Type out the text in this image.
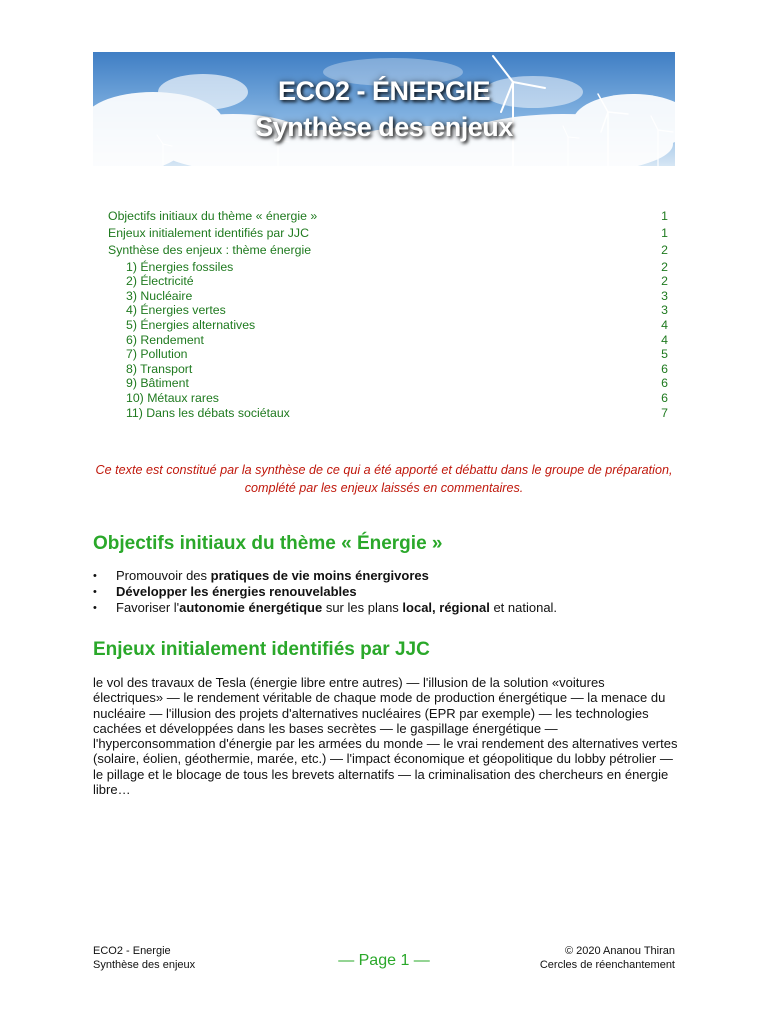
ECO2 - ÉNERGIE
Synthèse des enjeux
Objectifs initiaux du thème « énergie »	1
Enjeux initialement identifiés par JJC	1
Synthèse des enjeux : thème énergie	2
1) Énergies fossiles	2
2) Électricité	2
3) Nucléaire	3
4) Énergies vertes	3
5) Énergies alternatives	4
6) Rendement	4
7) Pollution	5
8) Transport	6
9) Bâtiment	6
10) Métaux rares	6
11) Dans les débats sociétaux	7
Ce texte est constitué par la synthèse de ce qui a été apporté et débattu dans le groupe de préparation, complété par les enjeux laissés en commentaires.
Objectifs initiaux du thème « Énergie »
• Promouvoir des pratiques de vie moins énergivores
• Développer les énergies renouvelables
• Favoriser l'autonomie énergétique sur les plans local, régional et national.
Enjeux initialement identifiés par JJC
le vol des travaux de Tesla (énergie libre entre autres) — l'illusion de la solution «voitures électriques» — le rendement véritable de chaque mode de production énergétique — la menace du nucléaire — l'illusion des projets d'alternatives nucléaires (EPR par exemple) — les technologies cachées et développées dans les bases secrètes — le gaspillage énergétique — l'hyperconsommation d'énergie par les armées du monde — le vrai rendement des alternatives vertes (solaire, éolien, géothermie, marée, etc.) — l'impact économique et géopolitique du lobby pétrolier — le pillage et le blocage de tous les brevets alternatifs — la criminalisation des chercheurs en énergie libre…
ECO2 - Energie
Synthèse des enjeux	— Page 1 —
© 2020 Ananou Thiran
Cercles de réenchantement
